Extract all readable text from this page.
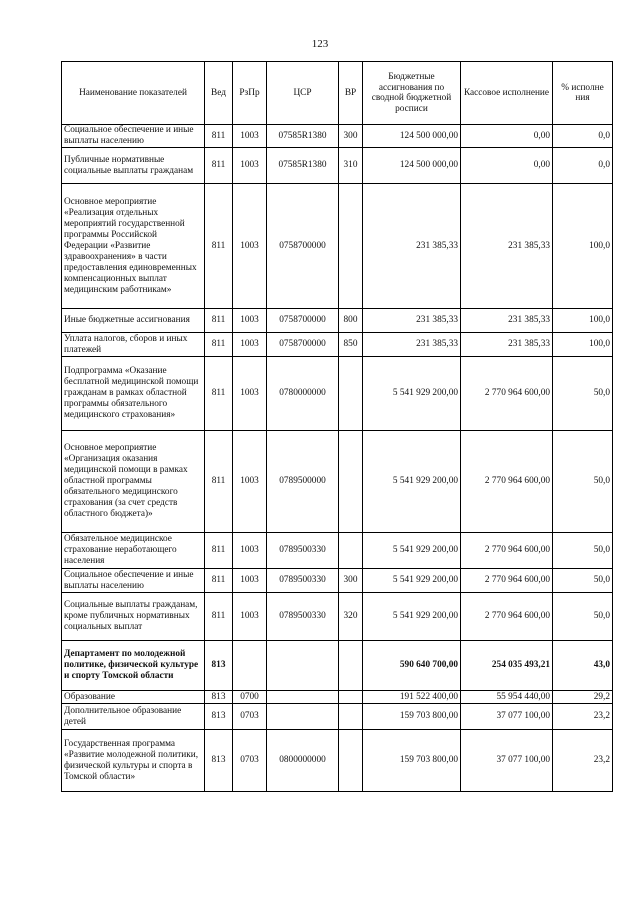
123
Наименование показателей	Вед	РзПр	ЦСР	ВР	Бюджетные ассигнования по сводной бюджетной росписи	Кассовое исполнение	% исполне ния
Социальное обеспечение и иные выплаты населению	811	1003	07585R1380	300	124 500 000,00	0,00	0,0
Публичные нормативные социальные выплаты гражданам	811	1003	07585R1380	310	124 500 000,00	0,00	0,0
Основное мероприятие «Реализация отдельных мероприятий государственной программы Российской Федерации «Развитие здравоохранения» в части предоставления единовременных компенсационных выплат медицинским работникам»	811	1003	0758700000		231 385,33	231 385,33	100,0
Иные бюджетные ассигнования	811	1003	0758700000	800	231 385,33	231 385,33	100,0
Уплата налогов, сборов и иных платежей	811	1003	0758700000	850	231 385,33	231 385,33	100,0
Подпрограмма «Оказание бесплатной медицинской помощи гражданам в рамках областной программы обязательного медицинского страхования»	811	1003	0780000000		5 541 929 200,00	2 770 964 600,00	50,0
Основное мероприятие «Организация оказания медицинской помощи в рамках областной программы обязательного медицинского страхования (за счет средств областного бюджета)»	811	1003	0789500000		5 541 929 200,00	2 770 964 600,00	50,0
Обязательное медицинское страхование неработающего населения	811	1003	0789500330		5 541 929 200,00	2 770 964 600,00	50,0
Социальное обеспечение и иные выплаты населению	811	1003	0789500330	300	5 541 929 200,00	2 770 964 600,00	50,0
Социальные выплаты гражданам, кроме публичных нормативных социальных выплат	811	1003	0789500330	320	5 541 929 200,00	2 770 964 600,00	50,0
Департамент по молодежной политике, физической культуре и спорту Томской области	813				590 640 700,00	254 035 493,21	43,0
Образование	813	0700			191 522 400,00	55 954 440,00	29,2
Дополнительное образование детей	813	0703			159 703 800,00	37 077 100,00	23,2
Государственная программа «Развитие молодежной политики, физической культуры и спорта в Томской области»	813	0703	0800000000		159 703 800,00	37 077 100,00	23,2
